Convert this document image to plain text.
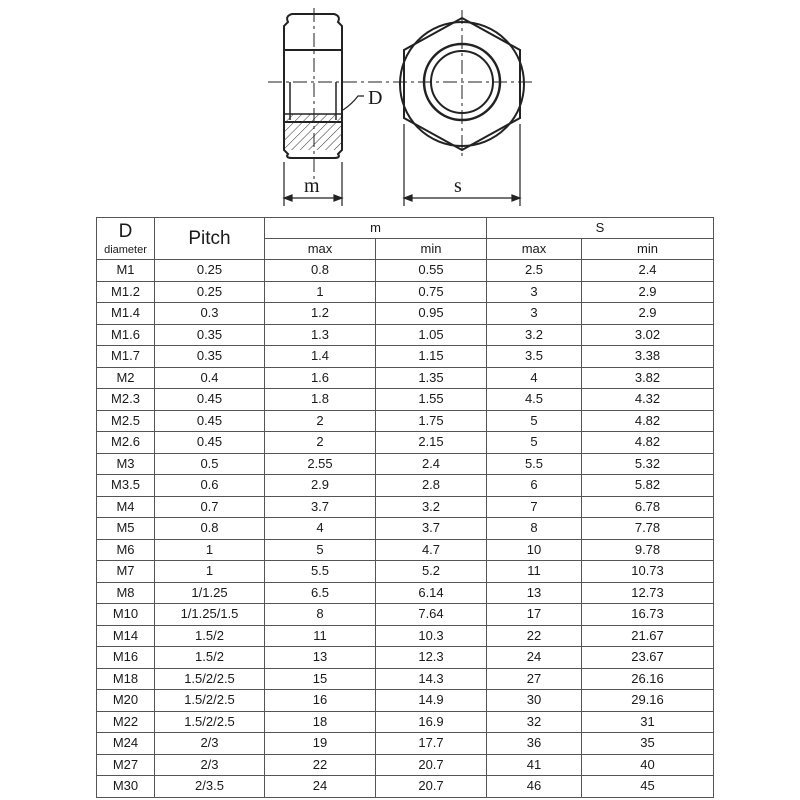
D
m	s
D
diameter	Pitch	m		S	
		max	min	max	min
M1	0.25	0.8	0.55	2.5	2.4
M1.2	0.25	1	0.75	3	2.9
M1.4	0.3	1.2	0.95	3	2.9
M1.6	0.35	1.3	1.05	3.2	3.02
M1.7	0.35	1.4	1.15	3.5	3.38
M2	0.4	1.6	1.35	4	3.82
M2.3	0.45	1.8	1.55	4.5	4.32
M2.5	0.45	2	1.75	5	4.82
M2.6	0.45	2	2.15	5	4.82
M3	0.5	2.55	2.4	5.5	5.32
M3.5	0.6	2.9	2.8	6	5.82
M4	0.7	3.7	3.2	7	6.78
M5	0.8	4	3.7	8	7.78
M6	1	5	4.7	10	9.78
M7	1	5.5	5.2	11	10.73
M8	1/1.25	6.5	6.14	13	12.73
M10	1/1.25/1.5	8	7.64	17	16.73
M14	1.5/2	11	10.3	22	21.67
M16	1.5/2	13	12.3	24	23.67
M18	1.5/2/2.5	15	14.3	27	26.16
M20	1.5/2/2.5	16	14.9	30	29.16
M22	1.5/2/2.5	18	16.9	32	31
M24	2/3	19	17.7	36	35
M27	2/3	22	20.7	41	40
M30	2/3.5	24	20.7	46	45
